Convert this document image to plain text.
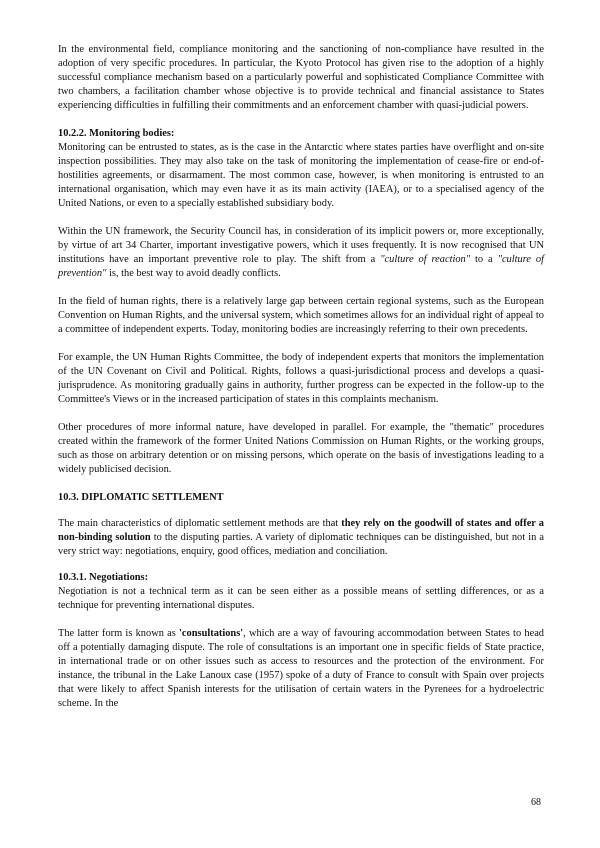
In the environmental field, compliance monitoring and the sanctioning of non-compliance have resulted in the adoption of very specific procedures. In particular, the Kyoto Protocol has given rise to the adoption of a highly successful compliance mechanism based on a particularly powerful and sophisticated Compliance Committee with two chambers, a facilitation chamber whose objective is to provide technical and financial assistance to States experiencing difficulties in fulfilling their commitments and an enforcement chamber with quasi-judicial powers.

10.2.2. Monitoring bodies:

Monitoring can be entrusted to states, as is the case in the Antarctic where states parties have overflight and on-site inspection possibilities. They may also take on the task of monitoring the implementation of cease-fire or end-of-hostilities agreements, or disarmament. The most common case, however, is when monitoring is entrusted to an international organisation, which may even have it as its main activity (IAEA), or to a specialised agency of the United Nations, or even to a specially established subsidiary body.

Within the UN framework, the Security Council has, in consideration of its implicit powers or, more exceptionally, by virtue of art 34 Charter, important investigative powers, which it uses frequently. It is now recognised that UN institutions have an important preventive role to play. The shift from a "culture of reaction" to a "culture of prevention" is, the best way to avoid deadly conflicts.

In the field of human rights, there is a relatively large gap between certain regional systems, such as the European Convention on Human Rights, and the universal system, which sometimes allows for an individual right of appeal to a committee of independent experts. Today, monitoring bodies are increasingly referring to their own precedents.

For example, the UN Human Rights Committee, the body of independent experts that monitors the implementation of the UN Covenant on Civil and Political. Rights, follows a quasi-jurisdictional process and develops a quasi-jurisprudence. As monitoring gradually gains in authority, further progress can be expected in the follow-up to the Committee's Views or in the increased participation of states in this complaints mechanism.

Other procedures of more informal nature, have developed in parallel. For example, the "thematic" procedures created within the framework of the former United Nations Commission on Human Rights, or the working groups, such as those on arbitrary detention or on missing persons, which operate on the basis of investigations leading to a widely publicised decision.

10.3. DIPLOMATIC SETTLEMENT

The main characteristics of diplomatic settlement methods are that they rely on the goodwill of states and offer a non-binding solution to the disputing parties. A variety of diplomatic techniques can be distinguished, but not in a very strict way: negotiations, enquiry, good offices, mediation and conciliation.

10.3.1. Negotiations:

Negotiation is not a technical term as it can be seen either as a possible means of settling differences, or as a technique for preventing international disputes.

The latter form is known as 'consultations', which are a way of favouring accommodation between States to head off a potentially damaging dispute. The role of consultations is an important one in specific fields of State practice, in international trade or on other issues such as access to resources and the protection of the environment. For instance, the tribunal in the Lake Lanoux case (1957) spoke of a duty of France to consult with Spain over projects that were likely to affect Spanish interests for the utilisation of certain waters in the Pyrenees for a hydroelectric scheme. In the

68
